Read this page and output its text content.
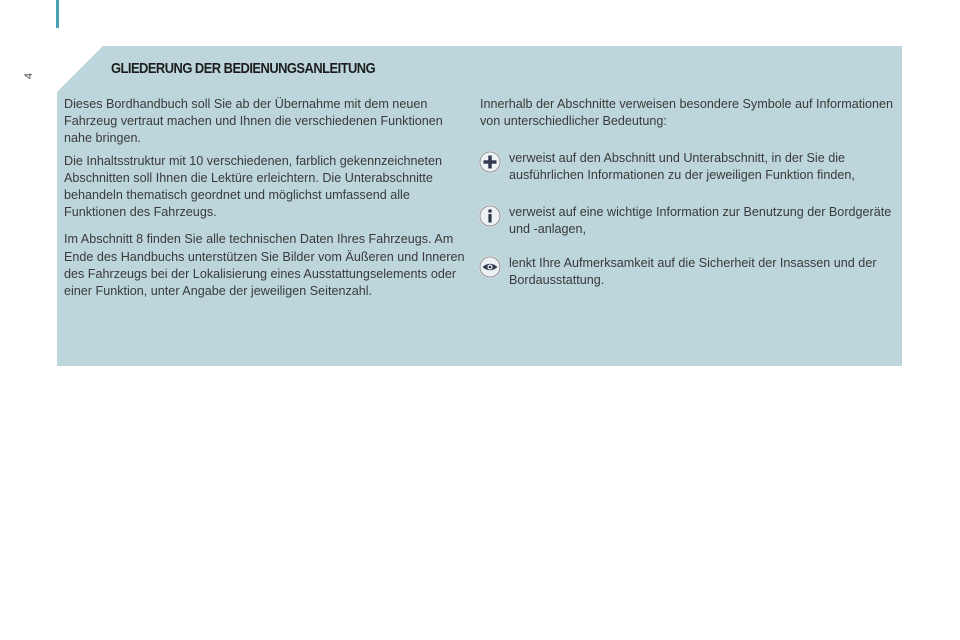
4	GLIEDERUNG DER BEDIENUNGSANLEITUNG

Dieses Bordhandbuch soll Sie ab der Übernahme mit dem neuen Fahrzeug vertraut machen und Ihnen die verschiedenen Funktionen nahe bringen.

Die Inhaltsstruktur mit 10 verschiedenen, farblich gekennzeichneten Abschnitten soll Ihnen die Lektüre erleichtern. Die Unterabschnitte behandeln thematisch geordnet und möglichst umfassend alle Funktionen des Fahrzeugs.

Im Abschnitt 8 finden Sie alle technischen Daten Ihres Fahrzeugs. Am Ende des Handbuchs unterstützen Sie Bilder vom Äußeren und Inneren des Fahrzeugs bei der Lokalisierung eines Ausstattungselements oder einer Funktion, unter Angabe der jeweiligen Seitenzahl.

Innerhalb der Abschnitte verweisen besondere Symbole auf Informationen von unterschiedlicher Bedeutung:
verweist auf den Abschnitt und Unterabschnitt, in der Sie die ausführlichen Informationen zu der jeweiligen Funktion finden,
verweist auf eine wichtige Information zur Benutzung der Bordgeräte und -anlagen,
lenkt Ihre Aufmerksamkeit auf die Sicherheit der Insassen und der Bordausstattung.
